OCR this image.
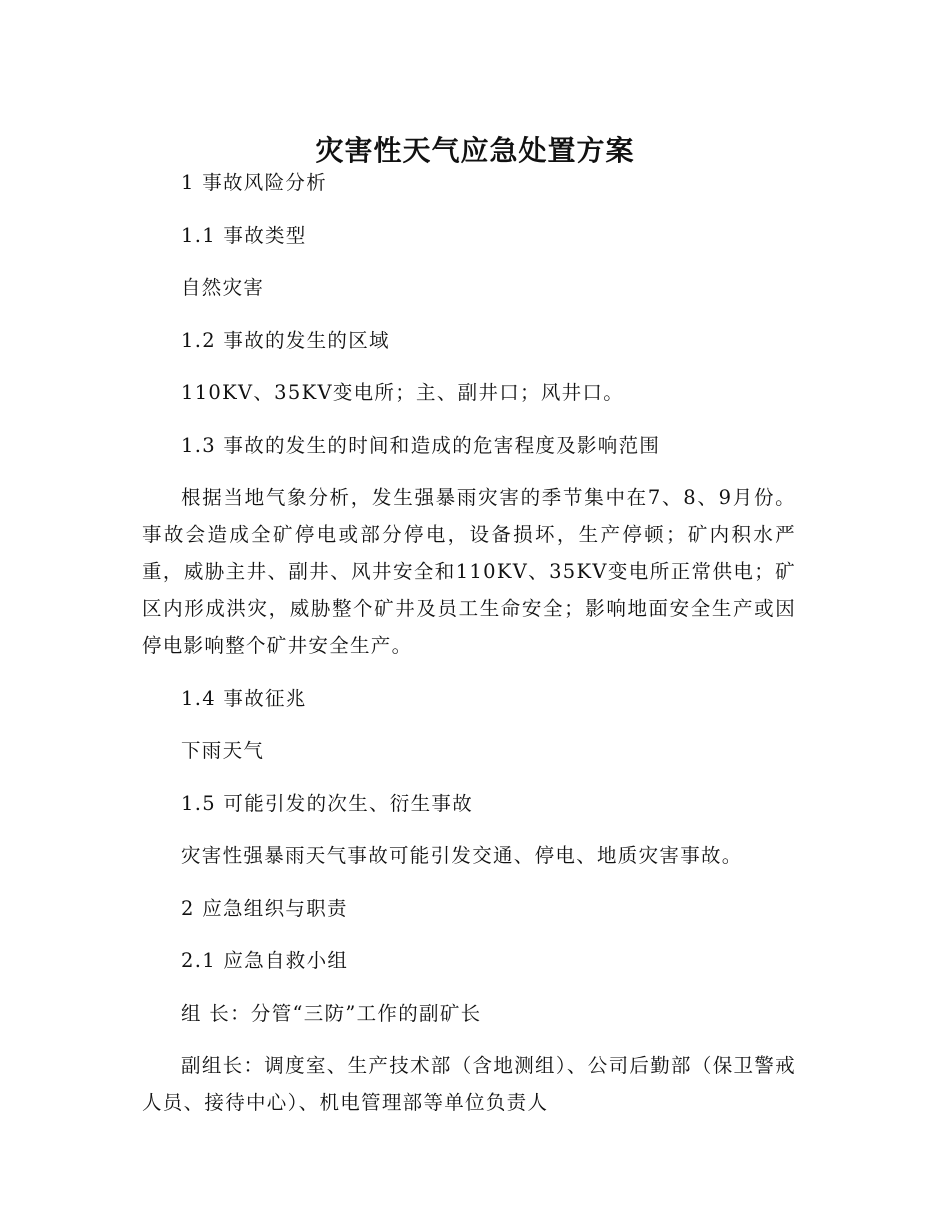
灾害性天气应急处置方案

1 事故风险分析

1.1 事故类型

自然灾害

1.2 事故的发生的区域

110KV、35KV变电所；主、副井口；风井口。

1.3 事故的发生的时间和造成的危害程度及影响范围

根据当地气象分析，发生强暴雨灾害的季节集中在7、8、9月份。事故会造成全矿停电或部分停电，设备损坏，生产停顿；矿内积水严重，威胁主井、副井、风井安全和110KV、35KV变电所正常供电；矿区内形成洪灾，威胁整个矿井及员工生命安全；影响地面安全生产或因停电影响整个矿井安全生产。

1.4 事故征兆

下雨天气

1.5 可能引发的次生、衍生事故

灾害性强暴雨天气事故可能引发交通、停电、地质灾害事故。

2 应急组织与职责

2.1 应急自救小组

组 长：分管“三防”工作的副矿长

副组长：调度室、生产技术部（含地测组）、公司后勤部（保卫警戒人员、接待中心）、机电管理部等单位负责人
